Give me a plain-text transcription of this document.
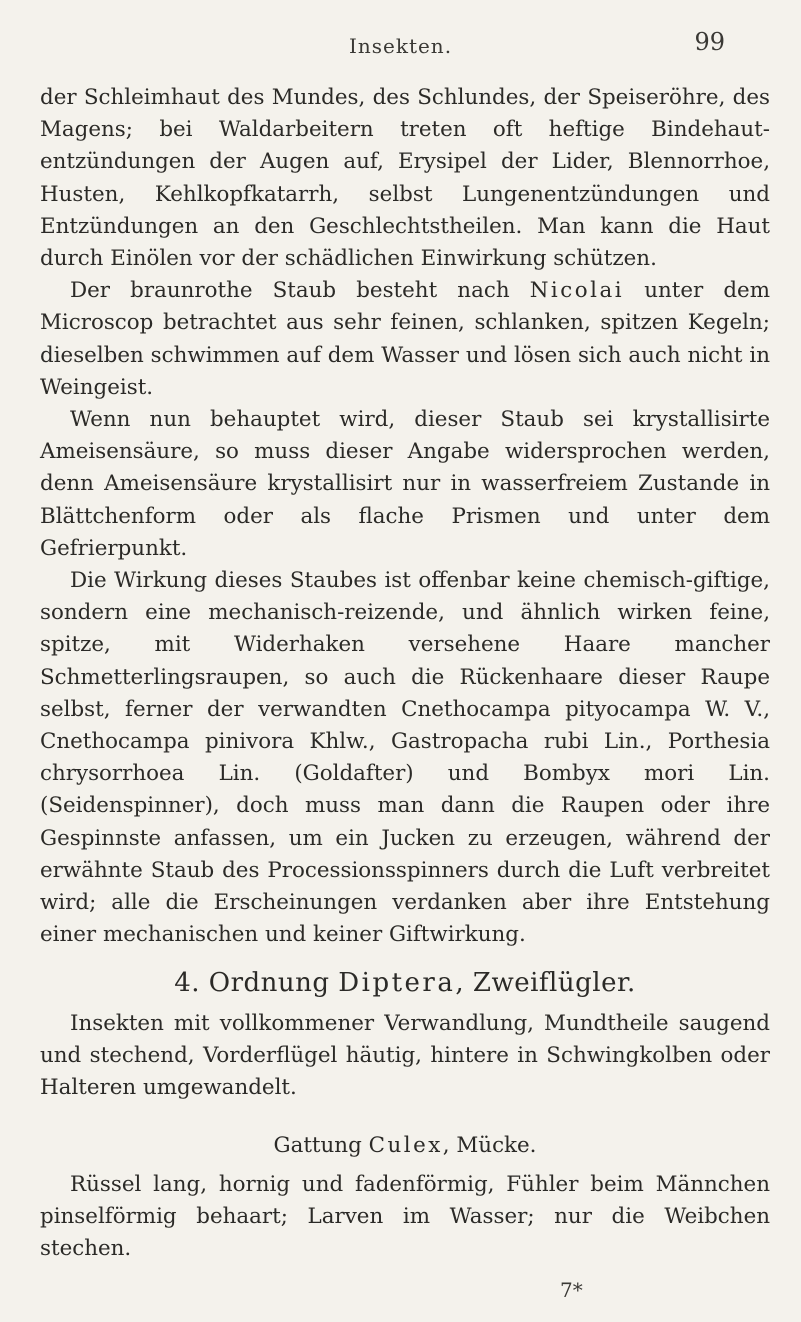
Insekten.	99

der Schleimhaut des Mundes, des Schlundes, der Speiseröhre, des Magens; bei Waldarbeitern treten oft heftige Bindehaut-entzündungen der Augen auf, Erysipel der Lider, Blennorrhoe, Husten, Kehlkopfkatarrh, selbst Lungenentzündungen und Entzündungen an den Geschlechtstheilen. Man kann die Haut durch Einölen vor der schädlichen Einwirkung schützen.

Der braunrothe Staub besteht nach Nicolai unter dem Microscop betrachtet aus sehr feinen, schlanken, spitzen Kegeln; dieselben schwimmen auf dem Wasser und lösen sich auch nicht in Weingeist.

Wenn nun behauptet wird, dieser Staub sei krystallisirte Ameisensäure, so muss dieser Angabe widersprochen werden, denn Ameisensäure krystallisirt nur in wasserfreiem Zustande in Blättchenform oder als flache Prismen und unter dem Gefrierpunkt.

Die Wirkung dieses Staubes ist offenbar keine chemisch-giftige, sondern eine mechanisch-reizende, und ähnlich wirken feine, spitze, mit Widerhaken versehene Haare mancher Schmetterlingsraupen, so auch die Rückenhaare dieser Raupe selbst, ferner der verwandten Cnethocampa pityocampa W. V., Cnethocampa pinivora Khlw., Gastropacha rubi Lin., Porthesia chrysorrhoea Lin. (Goldafter) und Bombyx mori Lin. (Seidenspinner), doch muss man dann die Raupen oder ihre Gespinnste anfassen, um ein Jucken zu erzeugen, während der erwähnte Staub des Processionsspinners durch die Luft verbreitet wird; alle die Erscheinungen verdanken aber ihre Entstehung einer mechanischen und keiner Giftwirkung.

4. Ordnung Diptera, Zweiflügler.

Insekten mit vollkommener Verwandlung, Mundtheile saugend und stechend, Vorderflügel häutig, hintere in Schwingkolben oder Halteren umgewandelt.

Gattung Culex, Mücke.

Rüssel lang, hornig und fadenförmig, Fühler beim Männchen pinselförmig behaart; Larven im Wasser; nur die Weibchen stechen.

7*
